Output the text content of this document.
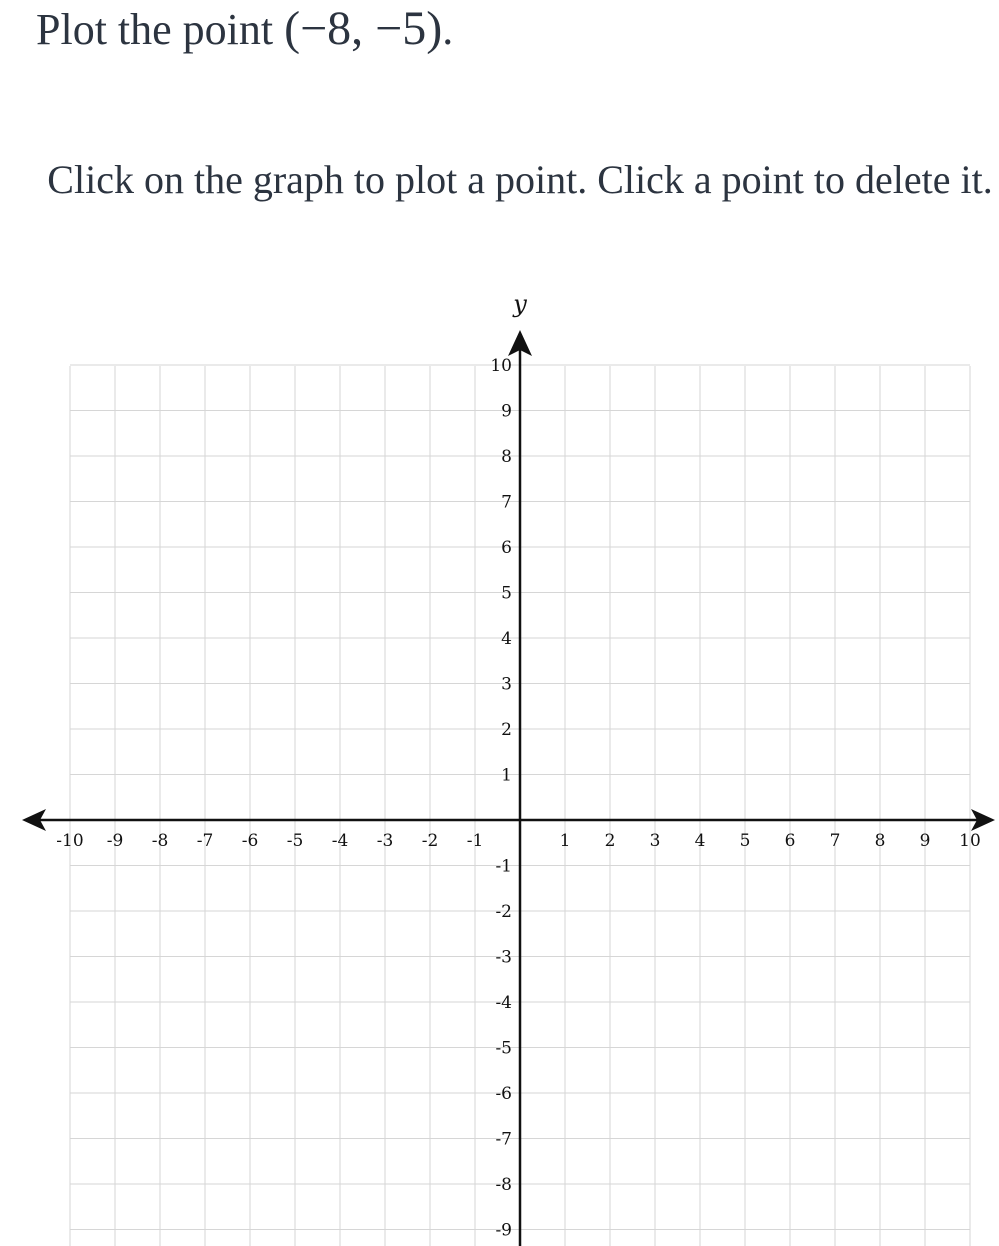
Plot the point (−8, −5).
Click on the graph to plot a point. Click a point to delete it.
y
-10 -9 -8 -7 -6 -5 -4 -3 -2 -1	1 2 3 4 5 6 7 8 9 10
10
9
8
7
6
5
4
3
2
1
-1
-2
-3
-4
-5
-6
-7
-8
-9
